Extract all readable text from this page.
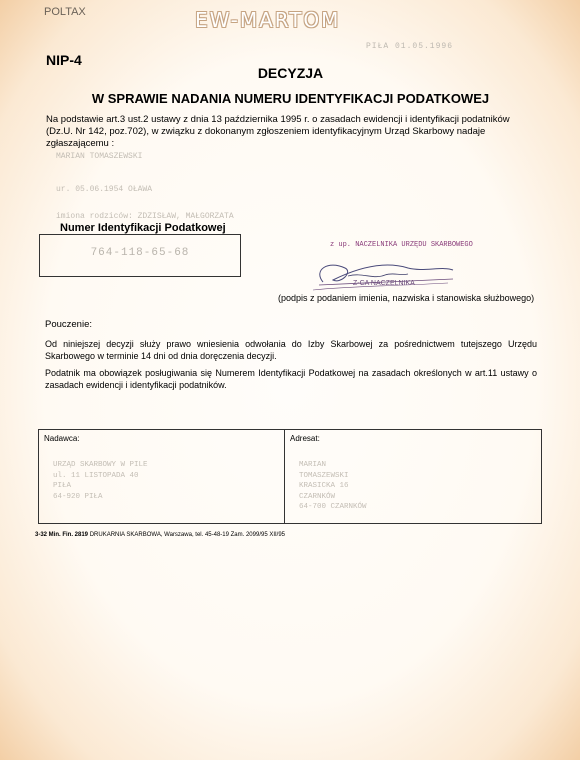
POLTAX	EW-MARTOM
PIŁA 01.05.1996
NIP-4
DECYZJA
W SPRAWIE NADANIA NUMERU IDENTYFIKACJI PODATKOWEJ
Na podstawie art.3 ust.2 ustawy z dnia 13 października 1995 r. o zasadach ewidencji i identyfikacji podatników (Dz.U. Nr 142, poz.702), w związku z dokonanym zgłoszeniem identyfikacyjnym Urząd Skarbowy nadaje zgłaszającemu :
MARIAN TOMASZEWSKI
ur. 05.06.1954 OŁAWA
imiona rodziców: ZDZISŁAW, MAŁGORZATA
Numer Identyfikacji Podatkowej
764-118-65-68
z up. NACZELNIKA URZĘDU SKARBOWEGO
Z-CA NACZELNIKA
(podpis z podaniem imienia, nazwiska i stanowiska służbowego)
Pouczenie:
Od niniejszej decyzji służy prawo wniesienia odwołania do Izby Skarbowej za pośrednictwem tutejszego Urzędu Skarbowego w terminie 14 dni od dnia doręczenia decyzji.
Podatnik ma obowiązek posługiwania się Numerem Identyfikacji Podatkowej na zasadach określonych w art.11 ustawy o zasadach ewidencji i identyfikacji podatników.
Nadawca:
URZĄD SKARBOWY W PILE
ul. 11 LISTOPADA 40
PIŁA
64-920 PIŁA
Adresat:
MARIAN
TOMASZEWSKI
KRASICKA 16
CZARNKÓW
64-700 CZARNKÓW
3-32 Min. Fin. 2819 DRUKARNIA SKARBOWA, Warszawa, tel. 45-48-19 Zam. 2099/95 XII/95
